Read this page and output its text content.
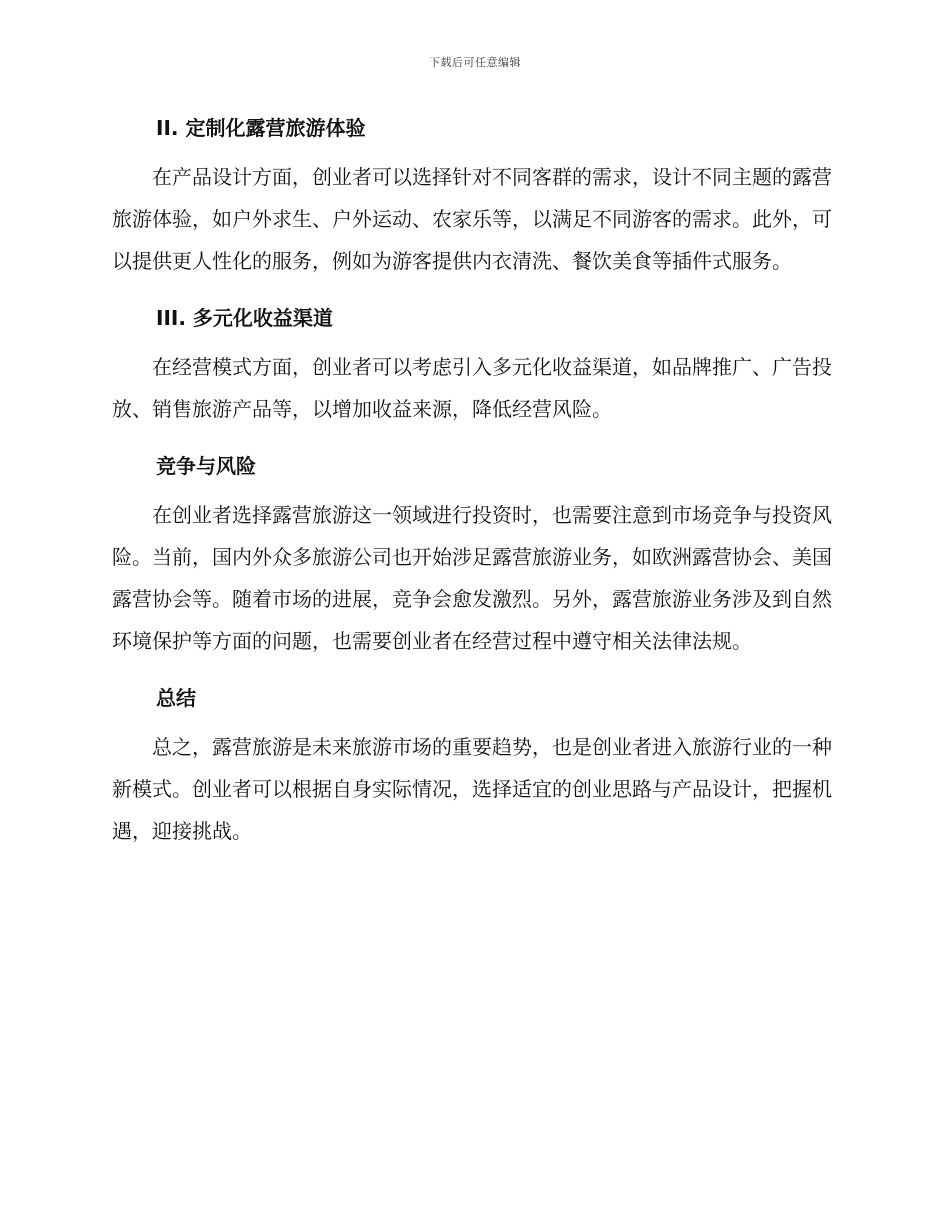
下载后可任意编辑
II. 定制化露营旅游体验

在产品设计方面，创业者可以选择针对不同客群的需求，设计不同主题的露营旅游体验，如户外求生、户外运动、农家乐等，以满足不同游客的需求。此外，可以提供更人性化的服务，例如为游客提供内衣清洗、餐饮美食等插件式服务。

III. 多元化收益渠道

在经营模式方面，创业者可以考虑引入多元化收益渠道，如品牌推广、广告投放、销售旅游产品等，以增加收益来源，降低经营风险。

竞争与风险

在创业者选择露营旅游这一领域进行投资时，也需要注意到市场竞争与投资风险。当前，国内外众多旅游公司也开始涉足露营旅游业务，如欧洲露营协会、美国露营协会等。随着市场的进展，竞争会愈发激烈。另外，露营旅游业务涉及到自然环境保护等方面的问题，也需要创业者在经营过程中遵守相关法律法规。

总结

总之，露营旅游是未来旅游市场的重要趋势，也是创业者进入旅游行业的一种新模式。创业者可以根据自身实际情况，选择适宜的创业思路与产品设计，把握机遇，迎接挑战。
